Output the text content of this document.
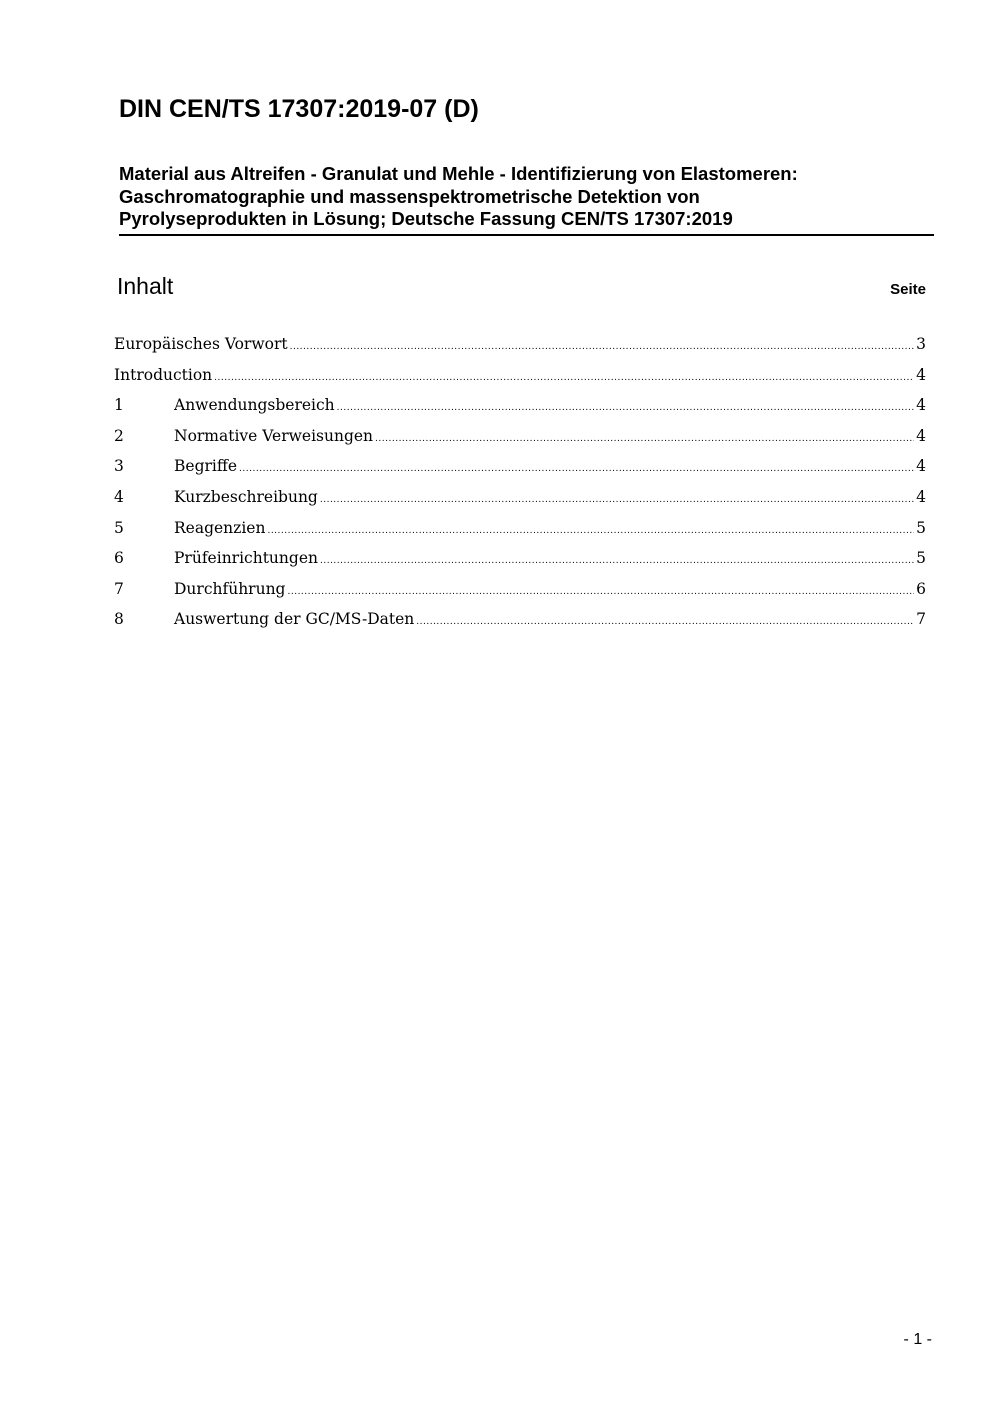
DIN CEN/TS 17307:2019-07 (D)
Material aus Altreifen - Granulat und Mehle - Identifizierung von Elastomeren:
Gaschromatographie und massenspektrometrische Detektion von
Pyrolyseprodukten in Lösung; Deutsche Fassung CEN/TS 17307:2019
Inhalt	Seite
Europäisches Vorwort .....	3
Introduction .....	4
1	Anwendungsbereich .....	4
2	Normative Verweisungen .....	4
3	Begriffe .....	4
4	Kurzbeschreibung .....	4
5	Reagenzien .....	5
6	Prüfeinrichtungen .....	5
7	Durchführung .....	6
8	Auswertung der GC/MS-Daten .....	7
- 1 -
